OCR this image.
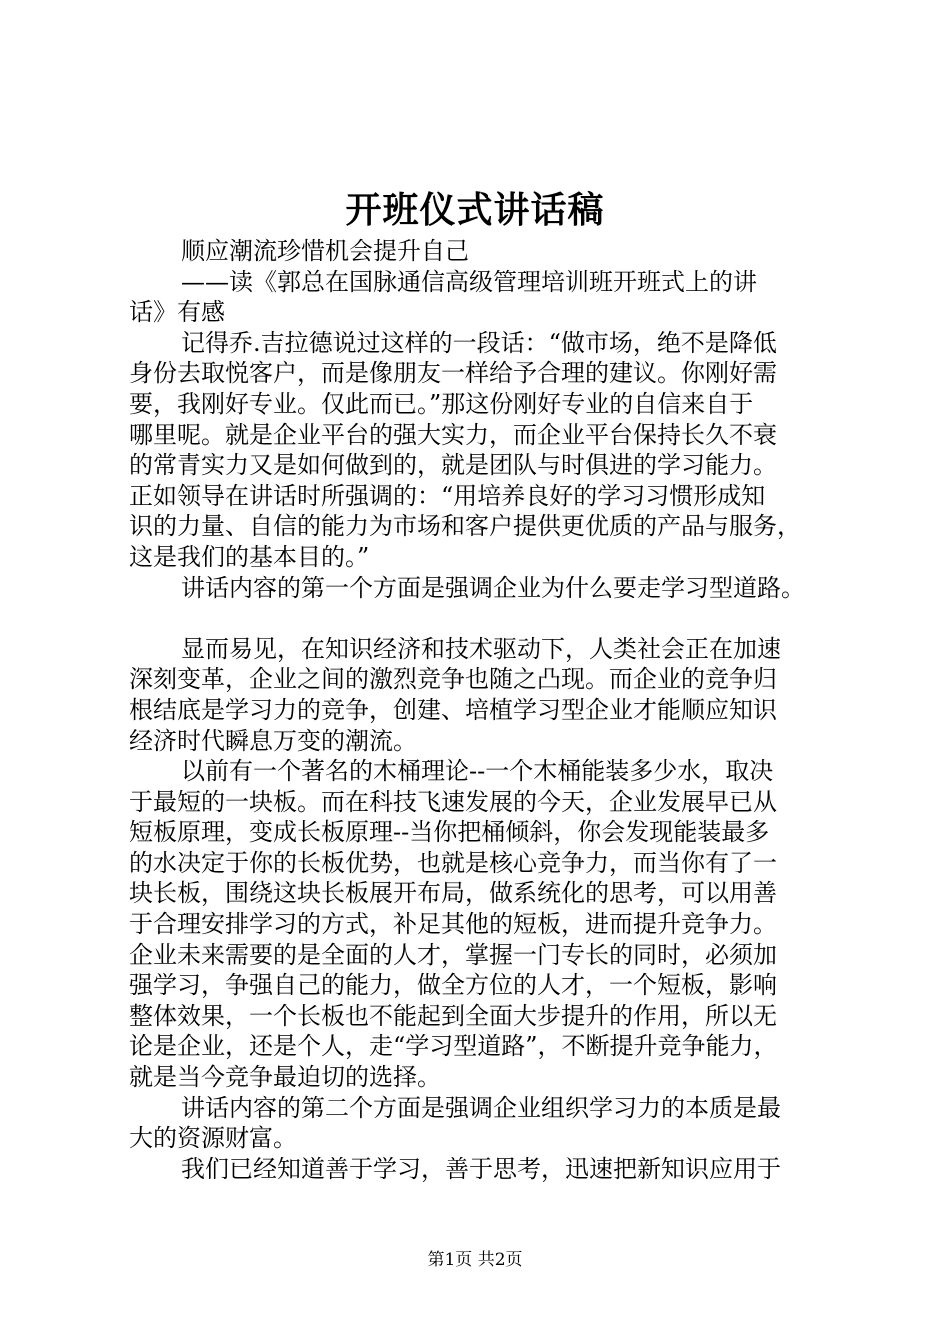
开班仪式讲话稿
顺应潮流珍惜机会提升自己
——读《郭总在国脉通信高级管理培训班开班式上的讲
话》有感
记得乔.吉拉德说过这样的一段话：“做市场，绝不是降低
身份去取悦客户，而是像朋友一样给予合理的建议。你刚好需
要，我刚好专业。仅此而已。”那这份刚好专业的自信来自于
哪里呢。就是企业平台的强大实力，而企业平台保持长久不衰
的常青实力又是如何做到的，就是团队与时俱进的学习能力。
正如领导在讲话时所强调的：“用培养良好的学习习惯形成知
识的力量、自信的能力为市场和客户提供更优质的产品与服务，
这是我们的基本目的。”
讲话内容的第一个方面是强调企业为什么要走学习型道路。
显而易见，在知识经济和技术驱动下，人类社会正在加速
深刻变革，企业之间的激烈竞争也随之凸现。而企业的竞争归
根结底是学习力的竞争，创建、培植学习型企业才能顺应知识
经济时代瞬息万变的潮流。
以前有一个著名的木桶理论--一个木桶能装多少水，取决
于最短的一块板。而在科技飞速发展的今天，企业发展早已从
短板原理，变成长板原理--当你把桶倾斜，你会发现能装最多
的水决定于你的长板优势，也就是核心竞争力，而当你有了一
块长板，围绕这块长板展开布局，做系统化的思考，可以用善
于合理安排学习的方式，补足其他的短板，进而提升竞争力。
企业未来需要的是全面的人才，掌握一门专长的同时，必须加
强学习，争强自己的能力，做全方位的人才，一个短板，影响
整体效果，一个长板也不能起到全面大步提升的作用，所以无
论是企业，还是个人，走“学习型道路”，不断提升竞争能力，
就是当今竞争最迫切的选择。
讲话内容的第二个方面是强调企业组织学习力的本质是最
大的资源财富。
我们已经知道善于学习，善于思考，迅速把新知识应用于
第1页 共2页
